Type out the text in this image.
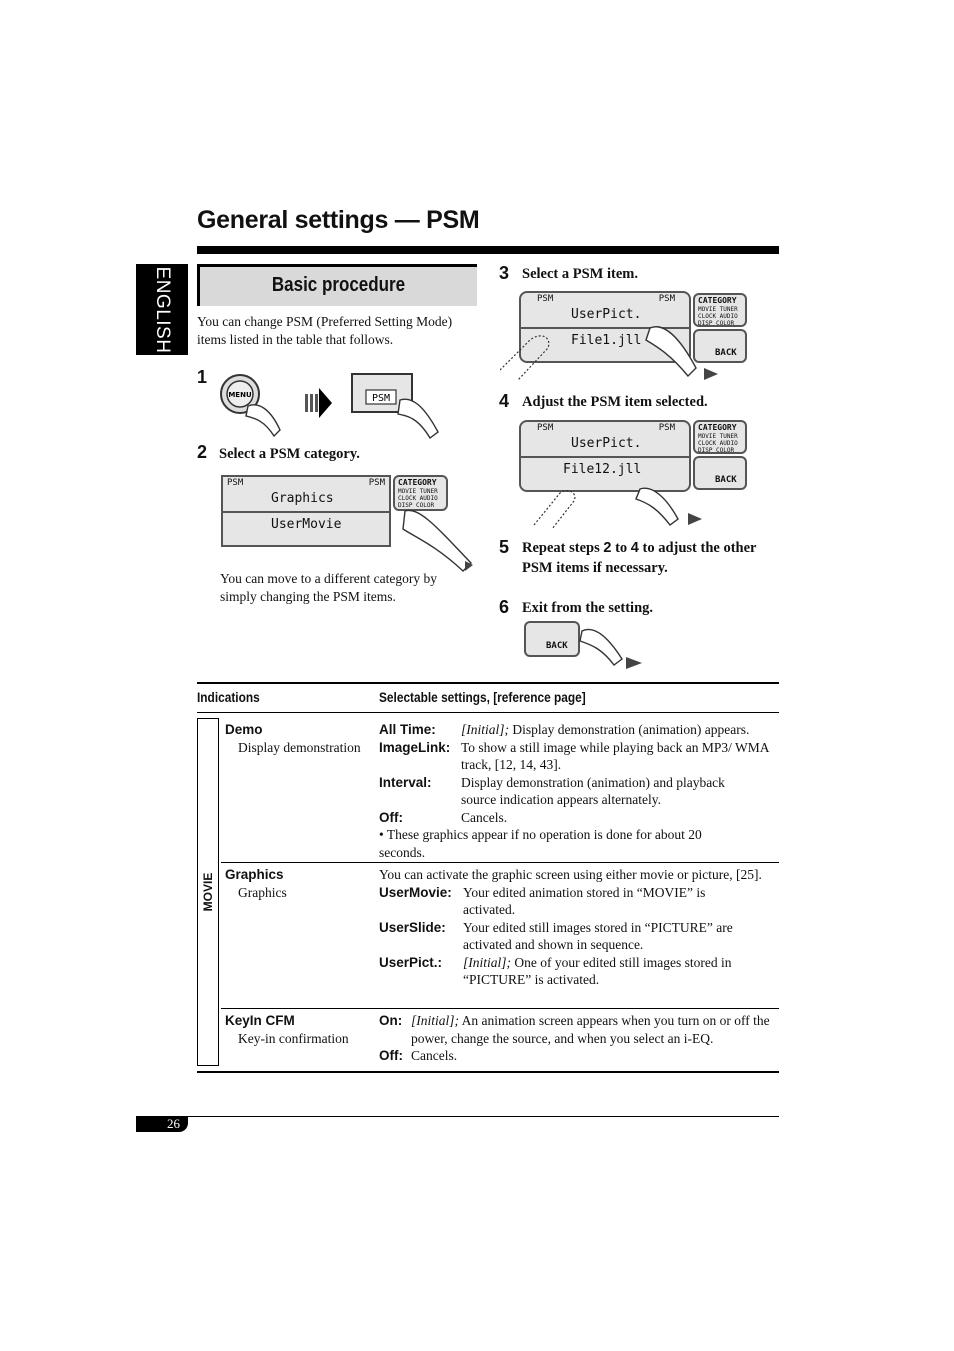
General settings — PSM
ENGLISH	Basic procedure
You can change PSM (Preferred Setting Mode) items listed in the table that follows.
1
MENU	PSM
2 Select a PSM category.
PSM	PSM
Graphics
UserMovie
CATEGORY
MOVIE TUNER
CLOCK AUDIO
DISP COLOR
You can move to a different category by simply changing the PSM items.
3 Select a PSM item.
PSM	PSM
UserPict.
File1.jll
CATEGORY
MOVIE TUNER
CLOCK AUDIO
DISP COLOR
BACK
4 Adjust the PSM item selected.
PSM	PSM
UserPict.
File12.jll
CATEGORY
MOVIE TUNER
CLOCK AUDIO
DISP COLOR
BACK
5 Repeat steps 2 to 4 to adjust the other PSM items if necessary.
6 Exit from the setting.
BACK
Indications	Selectable settings, [reference page]
MOVIE
Demo
Display demonstration
All Time:	[Initial]; Display demonstration (animation) appears.
ImageLink: To show a still image while playing back an MP3/ WMA track, [12, 14, 43].
Interval:	Display demonstration (animation) and playback source indication appears alternately.
Off:	Cancels.
• These graphics appear if no operation is done for about 20 seconds.
Graphics
Graphics
You can activate the graphic screen using either movie or picture, [25].
UserMovie: Your edited animation stored in “MOVIE” is activated.
UserSlide:	Your edited still images stored in “PICTURE” are activated and shown in sequence.
UserPict.:	[Initial]; One of your edited still images stored in “PICTURE” is activated.
KeyIn CFM
Key-in confirmation
On: [Initial]; An animation screen appears when you turn on or off the power, change the source, and when you select an i-EQ.
Off: Cancels.
26
